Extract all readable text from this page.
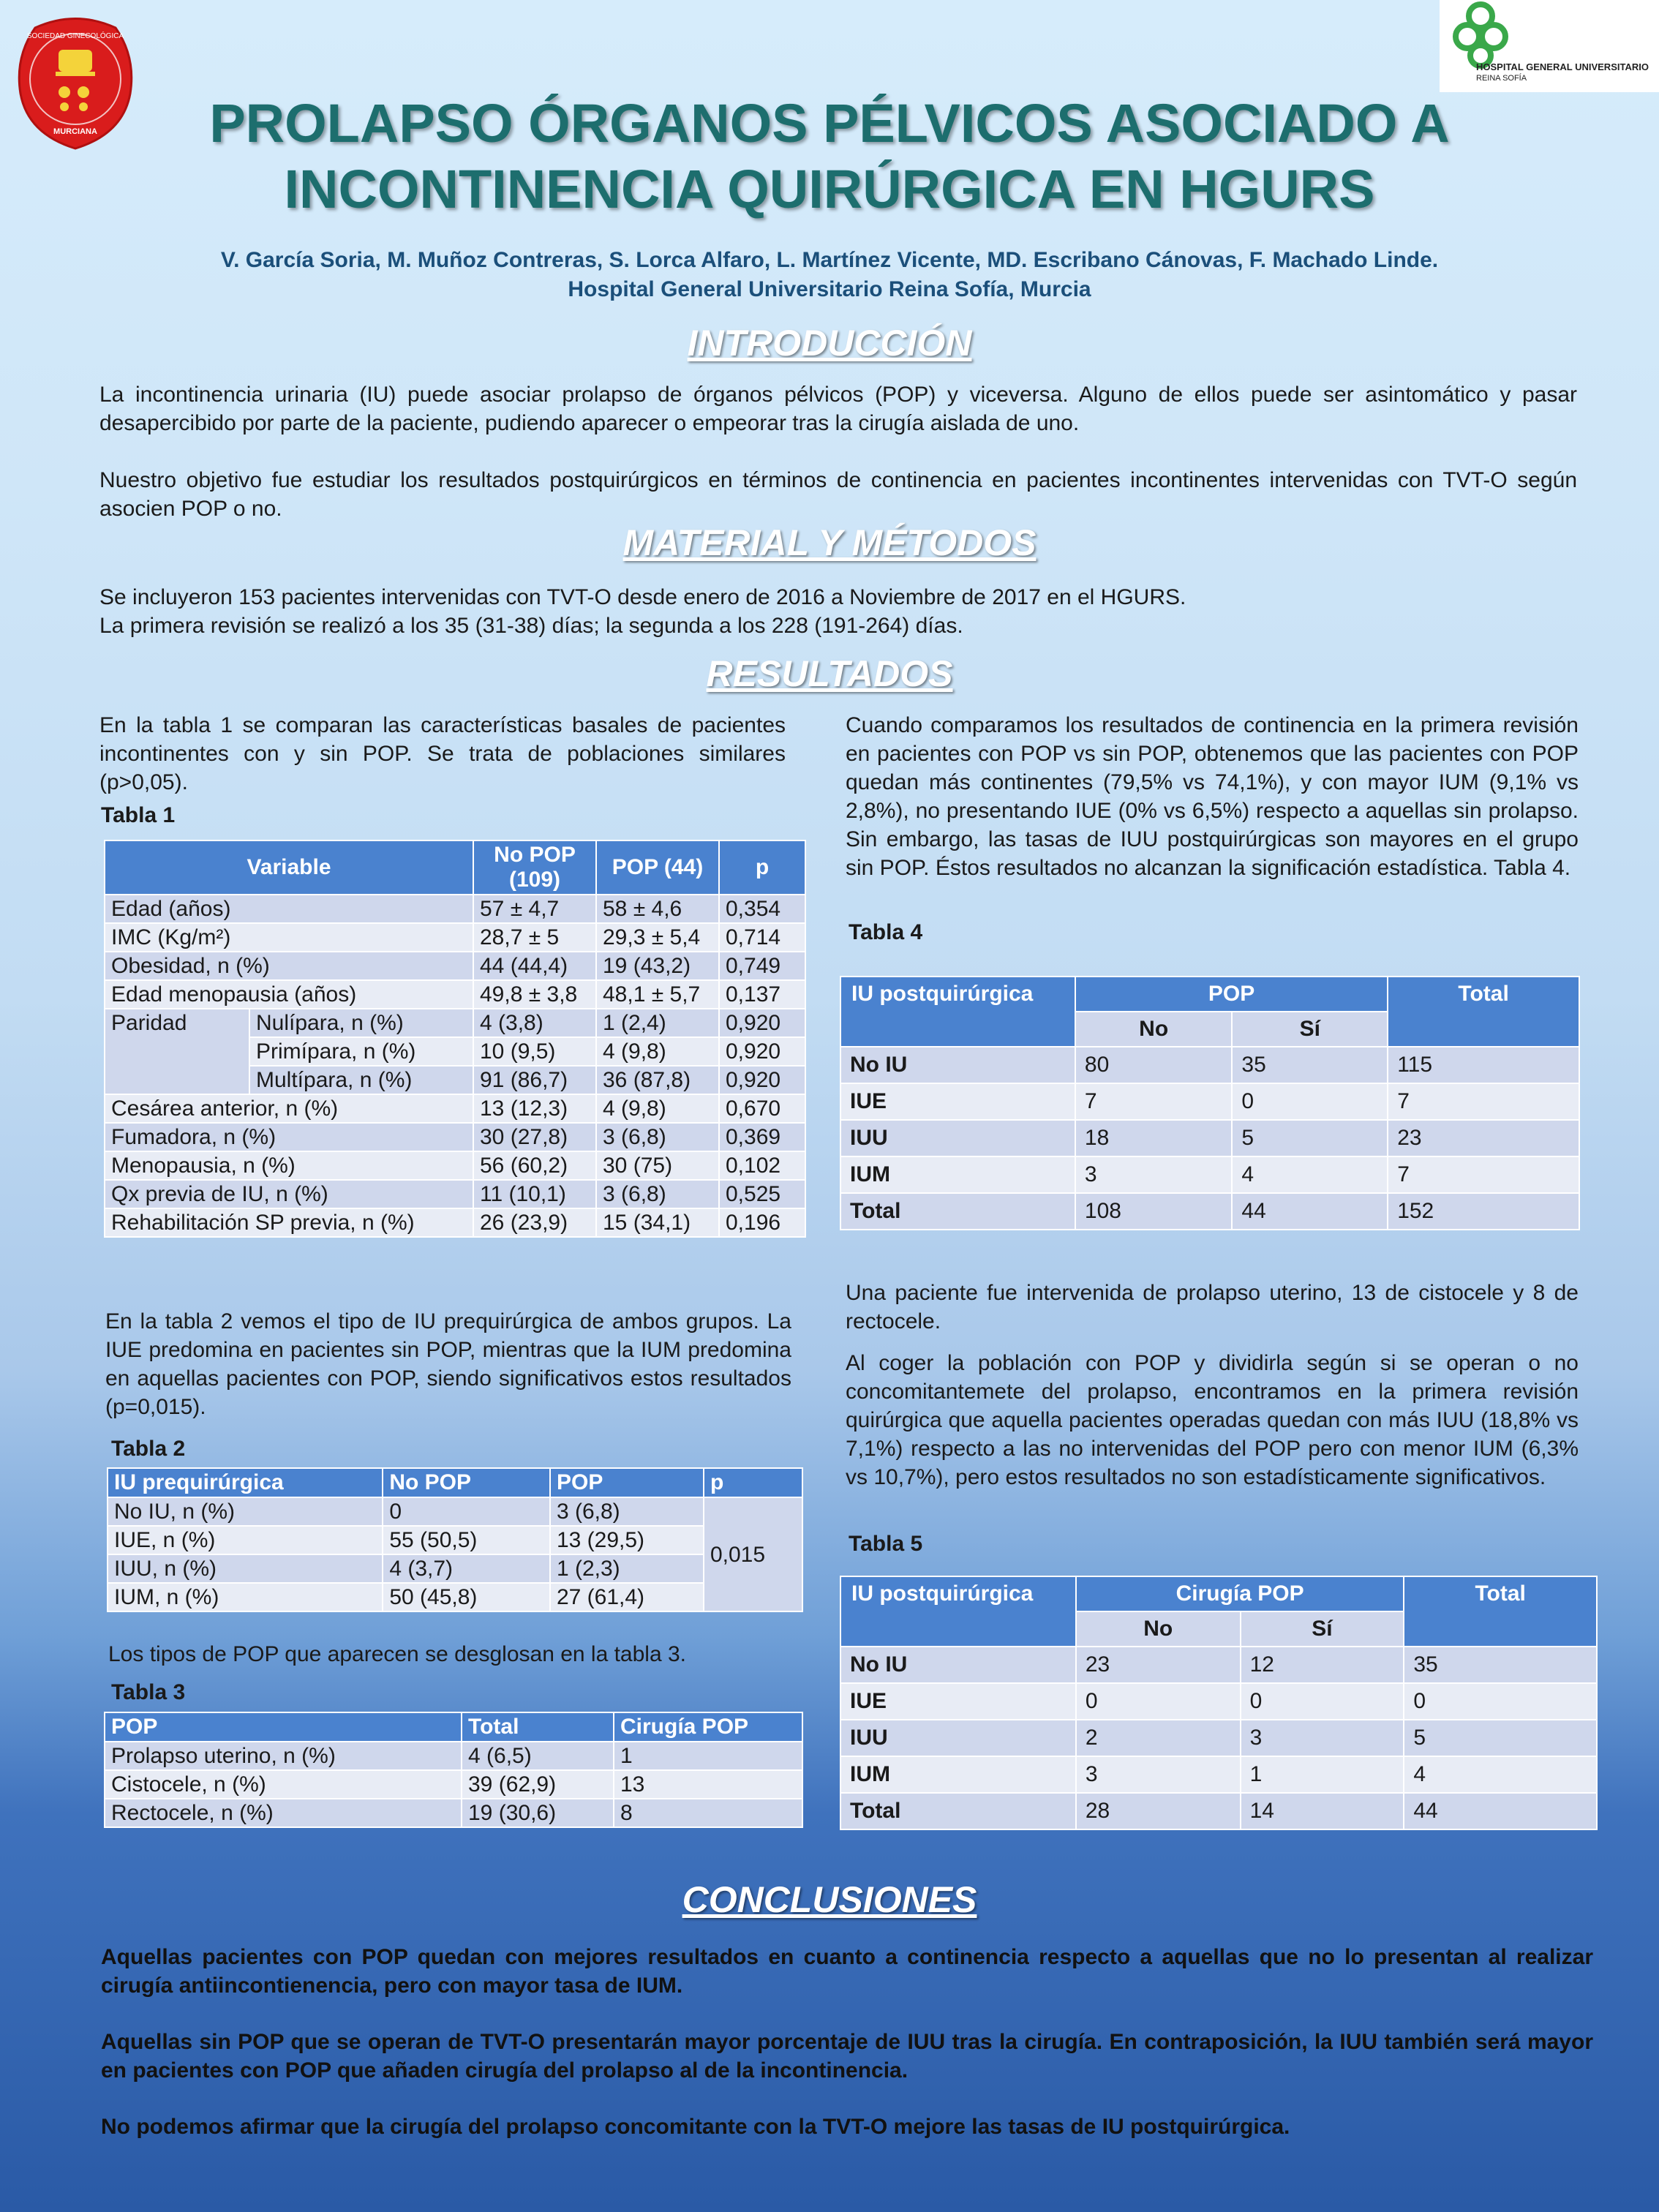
MURCIANA
SOCIEDAD GINECOLÓGICA
HOSPITAL GENERAL UNIVERSITARIO
REINA SOFÍA
PROLAPSO ÓRGANOS PÉLVICOS ASOCIADO A
INCONTINENCIA QUIRÚRGICA EN HGURS
V. García Soria, M. Muñoz Contreras, S. Lorca Alfaro, L. Martínez Vicente, MD. Escribano Cánovas, F. Machado Linde.
Hospital General Universitario Reina Sofía, Murcia
INTRODUCCIÓN
La incontinencia urinaria (IU) puede asociar prolapso de órganos pélvicos (POP) y viceversa. Alguno de ellos puede ser asintomático y pasar desapercibido por parte de la paciente, pudiendo aparecer o empeorar tras la cirugía aislada de uno.
Nuestro objetivo fue estudiar los resultados postquirúrgicos en términos de continencia en pacientes incontinentes intervenidas con TVT-O según asocien POP o no.
MATERIAL Y MÉTODOS
Se incluyeron 153 pacientes intervenidas con TVT-O desde enero de 2016 a Noviembre de 2017 en el HGURS.
La primera revisión se realizó a los 35 (31-38) días; la segunda a los 228 (191-264) días.
RESULTADOS
En la tabla 1 se comparan las características basales de pacientes incontinentes con y sin POP. Se trata de poblaciones similares (p>0,05).
Tabla 1
Variable		No POP (109)	POP (44)	p
Edad (años)		57 ± 4,7	58 ± 4,6	0,354
IMC (Kg/m²)		28,7 ± 5	29,3 ± 5,4	0,714
Obesidad, n (%)		44 (44,4)	19 (43,2)	0,749
Edad menopausia (años)		49,8 ± 3,8	48,1 ± 5,7	0,137
Paridad	Nulípara, n (%)	4 (3,8)	1 (2,4)	0,920
	Primípara, n (%)	10 (9,5)	4 (9,8)	0,920
	Multípara, n (%)	91 (86,7)	36 (87,8)	0,920
Cesárea anterior, n (%)		13 (12,3)	4 (9,8)	0,670
Fumadora, n (%)		30 (27,8)	3 (6,8)	0,369
Menopausia, n (%)		56 (60,2)	30 (75)	0,102
Qx previa de IU, n (%)		11 (10,1)	3 (6,8)	0,525
Rehabilitación SP previa, n (%)		26 (23,9)	15 (34,1)	0,196
En la tabla 2 vemos el tipo de IU prequirúrgica de ambos grupos. La IUE predomina en pacientes sin POP, mientras que la IUM predomina en aquellas pacientes con POP, siendo significativos estos resultados (p=0,015).
Tabla 2
IU prequirúrgica	No POP	POP	p
No IU, n (%)	0	3 (6,8)	0,015
IUE, n (%)	55 (50,5)	13 (29,5)	
IUU, n (%)	4 (3,7)	1 (2,3)	
IUM, n (%)	50 (45,8)	27 (61,4)	
Los tipos de POP que aparecen se desglosan en la tabla 3.
Tabla 3
POP	Total	Cirugía POP
Prolapso uterino, n (%)	4 (6,5)	1
Cistocele, n (%)	39 (62,9)	13
Rectocele, n (%)	19 (30,6)	8
Cuando comparamos los resultados de continencia en la primera revisión en pacientes con POP vs sin POP, obtenemos que las pacientes con POP quedan más continentes (79,5% vs 74,1%), y con mayor IUM (9,1% vs 2,8%), no presentando IUE (0% vs 6,5%) respecto a aquellas sin prolapso. Sin embargo, las tasas de IUU postquirúrgicas son mayores en el grupo sin POP. Éstos resultados no alcanzan la significación estadística. Tabla 4.
Tabla 4
IU postquirúrgica	POP		Total
	No	Sí	
No IU	80	35	115
IUE	7	0	7
IUU	18	5	23
IUM	3	4	7
Total	108	44	152
Una paciente fue intervenida de prolapso uterino, 13 de cistocele y 8 de rectocele.
Al coger la población con POP y dividirla según si se operan o no concomitantemete del prolapso, encontramos en la primera revisión quirúrgica que aquella pacientes operadas quedan con más IUU (18,8% vs 7,1%) respecto a las no intervenidas del POP pero con menor IUM (6,3% vs 10,7%), pero estos resultados no son estadísticamente significativos.
Tabla 5
IU postquirúrgica	Cirugía POP		Total
	No	Sí	
No IU	23	12	35
IUE	0	0	0
IUU	2	3	5
IUM	3	1	4
Total	28	14	44
CONCLUSIONES
Aquellas pacientes con POP quedan con mejores resultados en cuanto a continencia respecto a aquellas que no lo presentan al realizar cirugía antiincontienencia, pero con mayor tasa de IUM.
Aquellas sin POP que se operan de TVT-O presentarán mayor porcentaje de IUU tras la cirugía. En contraposición, la IUU también será mayor en pacientes con POP que añaden cirugía del prolapso al de la incontinencia.
No podemos afirmar que la cirugía del prolapso concomitante con la TVT-O mejore las tasas de IU postquirúrgica.
